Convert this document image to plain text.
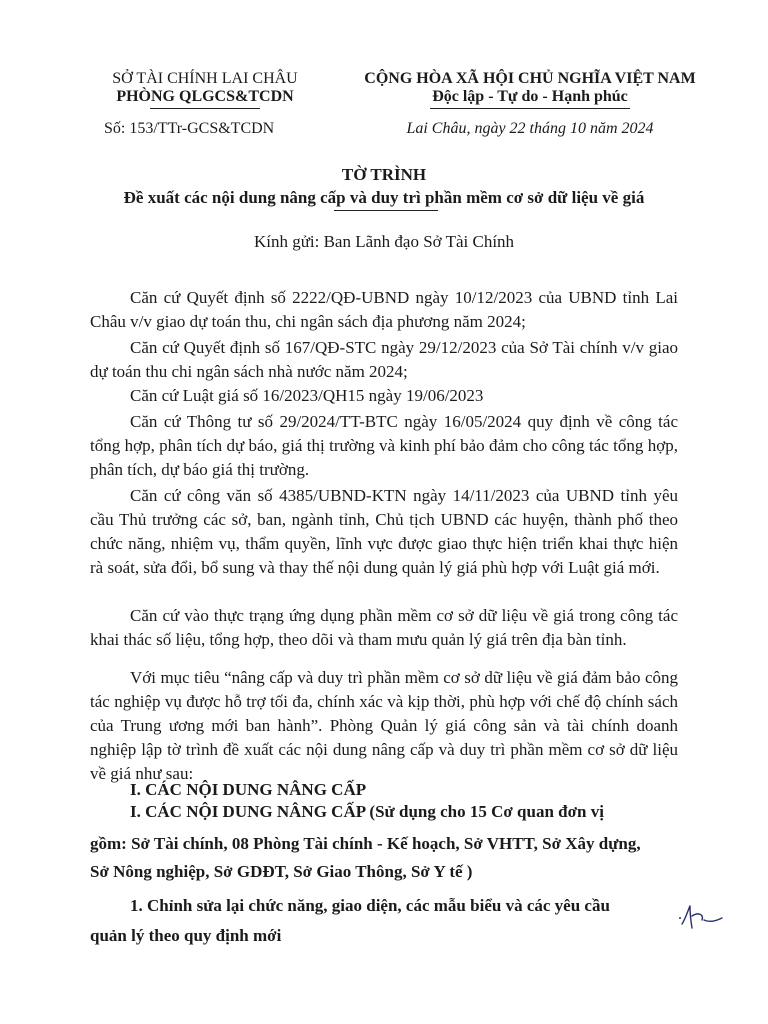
SỞ TÀI CHÍNH LAI CHÂU
PHÒNG QLGCS&TCDN
Số: 153/TTr-GCS&TCDN
CỘNG HÒA XÃ HỘI CHỦ NGHĨA VIỆT NAM
Độc lập - Tự do - Hạnh phúc
Lai Châu, ngày 22 tháng 10 năm 2024
TỜ TRÌNH
Đề xuất các nội dung nâng cấp và duy trì phần mềm cơ sở dữ liệu về giá
Kính gửi: Ban Lãnh đạo Sở Tài Chính
Căn cứ Quyết định số 2222/QĐ-UBND ngày 10/12/2023 của UBND tỉnh Lai Châu v/v giao dự toán thu, chi ngân sách địa phương năm 2024;
Căn cứ Quyết định số 167/QĐ-STC ngày 29/12/2023 của Sở Tài chính v/v giao dự toán thu chi ngân sách nhà nước năm 2024;
Căn cứ Luật giá số 16/2023/QH15 ngày 19/06/2023
Căn cứ Thông tư số 29/2024/TT-BTC ngày 16/05/2024 quy định về công tác tổng hợp, phân tích dự báo, giá thị trường và kinh phí bảo đảm cho công tác tổng hợp, phân tích, dự báo giá thị trường.
Căn cứ công văn số 4385/UBND-KTN ngày 14/11/2023 của UBND tỉnh yêu cầu Thủ trưởng các sở, ban, ngành tỉnh, Chủ tịch UBND các huyện, thành phố theo chức năng, nhiệm vụ, thẩm quyền, lĩnh vực được giao thực hiện triển khai thực hiện rà soát, sửa đổi, bổ sung và thay thế nội dung quản lý giá phù hợp với Luật giá mới.
Căn cứ vào thực trạng ứng dụng phần mềm cơ sở dữ liệu về giá trong công tác khai thác số liệu, tổng hợp, theo dõi và tham mưu quản lý giá trên địa bàn tỉnh.
Với mục tiêu “nâng cấp và duy trì phần mềm cơ sở dữ liệu về giá đảm bảo công tác nghiệp vụ được hỗ trợ tối đa, chính xác và kịp thời, phù hợp với chế độ chính sách của Trung ương mới ban hành”. Phòng Quản lý giá công sản và tài chính doanh nghiệp lập tờ trình đề xuất các nội dung nâng cấp và duy trì phần mềm cơ sở dữ liệu về giá như sau:
I. CÁC NỘI DUNG NÂNG CẤP
I. CÁC NỘI DUNG NÂNG CẤP (Sử dụng cho 15 Cơ quan đơn vị
gồm: Sở Tài chính, 08 Phòng Tài chính - Kế hoạch, Sở VHTT, Sở Xây dựng,
Sở Nông nghiệp, Sở GDĐT, Sở Giao Thông, Sở Y tế )
1. Chỉnh sửa lại chức năng, giao diện, các mẫu biểu và các yêu cầu
quản lý theo quy định mới
